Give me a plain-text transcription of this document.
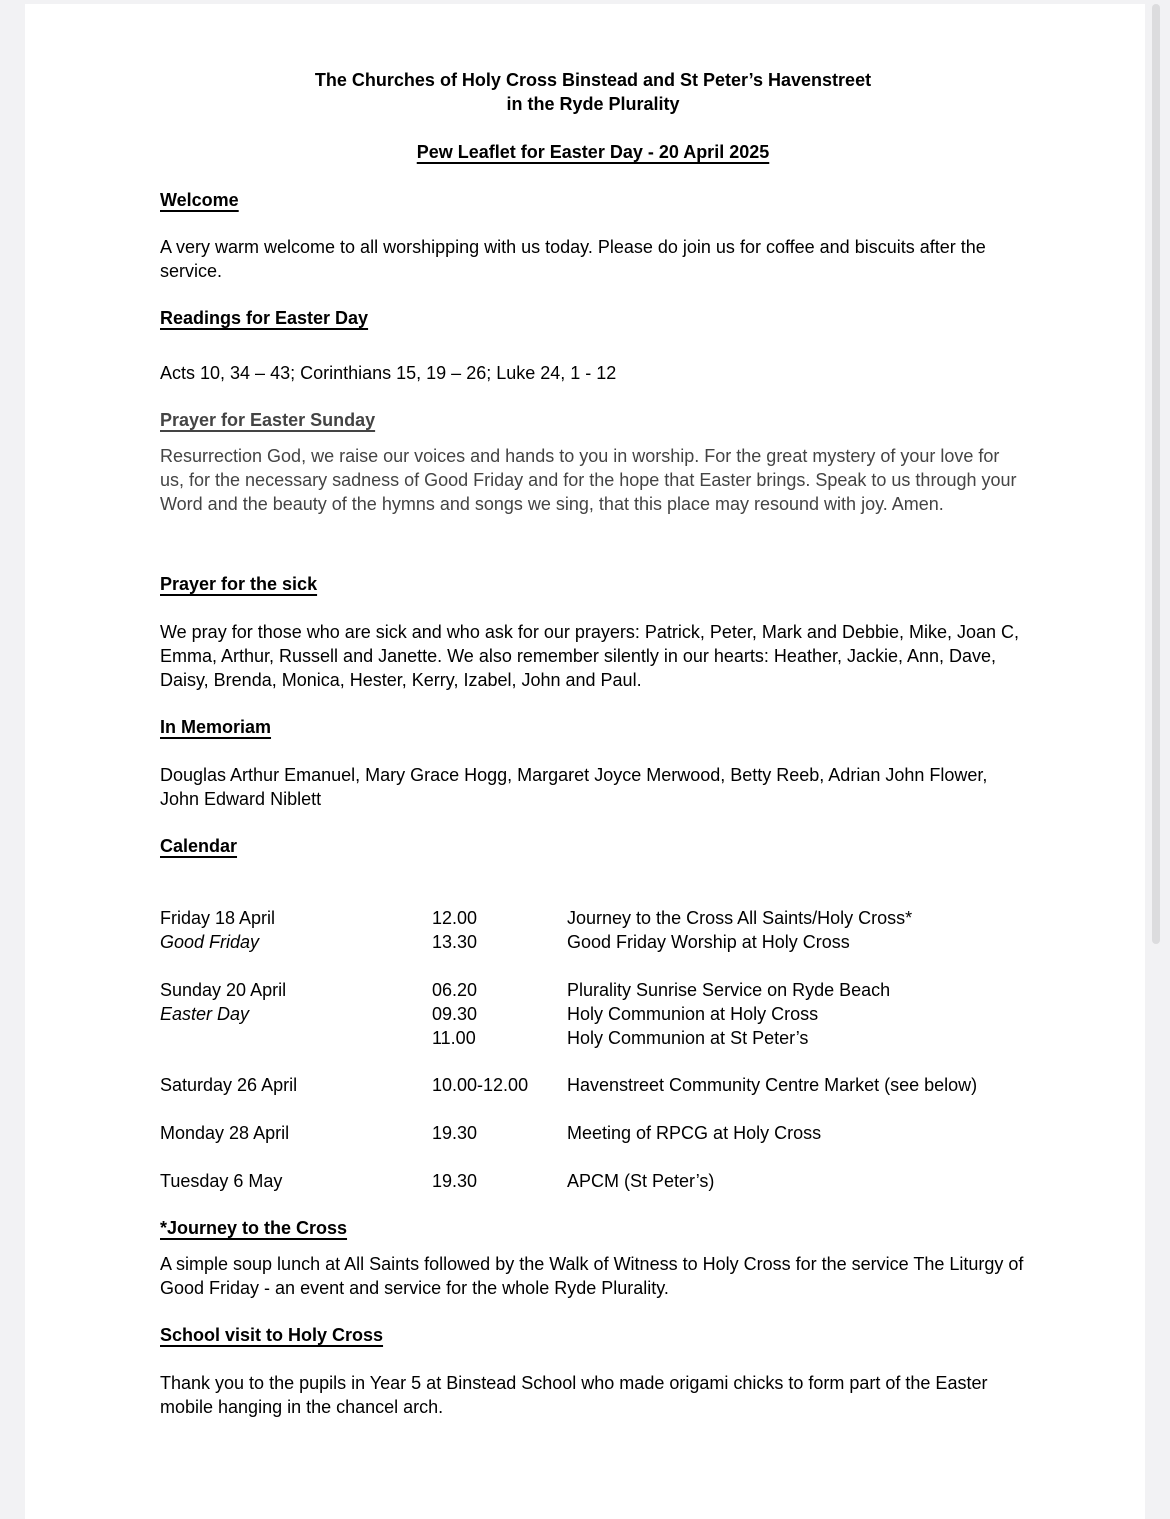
The Churches of Holy Cross Binstead and St Peter’s Havenstreet
in the Ryde Plurality
Pew Leaflet for Easter Day - 20 April 2025
Welcome
A very warm welcome to all worshipping with us today. Please do join us for coffee and biscuits after the service.
Readings for Easter Day
Acts 10, 34 – 43; Corinthians 15, 19 – 26; Luke 24, 1 - 12
Prayer for Easter Sunday
Resurrection God, we raise our voices and hands to you in worship. For the great mystery of your love for us, for the necessary sadness of Good Friday and for the hope that Easter brings. Speak to us through your Word and the beauty of the hymns and songs we sing, that this place may resound with joy. Amen.
Prayer for the sick
We pray for those who are sick and who ask for our prayers: Patrick, Peter, Mark and Debbie, Mike, Joan C, Emma, Arthur, Russell and Janette. We also remember silently in our hearts: Heather, Jackie, Ann, Dave, Daisy, Brenda, Monica, Hester, Kerry, Izabel, John and Paul.
In Memoriam
Douglas Arthur Emanuel, Mary Grace Hogg, Margaret Joyce Merwood, Betty Reeb, Adrian John Flower, John Edward Niblett
Calendar
Friday 18 April	12.00	Journey to the Cross All Saints/Holy Cross*
Good Friday	13.30	Good Friday Worship at Holy Cross
Sunday 20 April	06.20	Plurality Sunrise Service on Ryde Beach
Easter Day	09.30	Holy Communion at Holy Cross
11.00	Holy Communion at St Peter’s
Saturday 26 April	10.00-12.00 Havenstreet Community Centre Market (see below)
Monday 28 April	19.30	Meeting of RPCG at Holy Cross
Tuesday 6 May	19.30	APCM (St Peter’s)
*Journey to the Cross
A simple soup lunch at All Saints followed by the Walk of Witness to Holy Cross for the service The Liturgy of Good Friday - an event and service for the whole Ryde Plurality.
School visit to Holy Cross
Thank you to the pupils in Year 5 at Binstead School who made origami chicks to form part of the Easter mobile hanging in the chancel arch.
